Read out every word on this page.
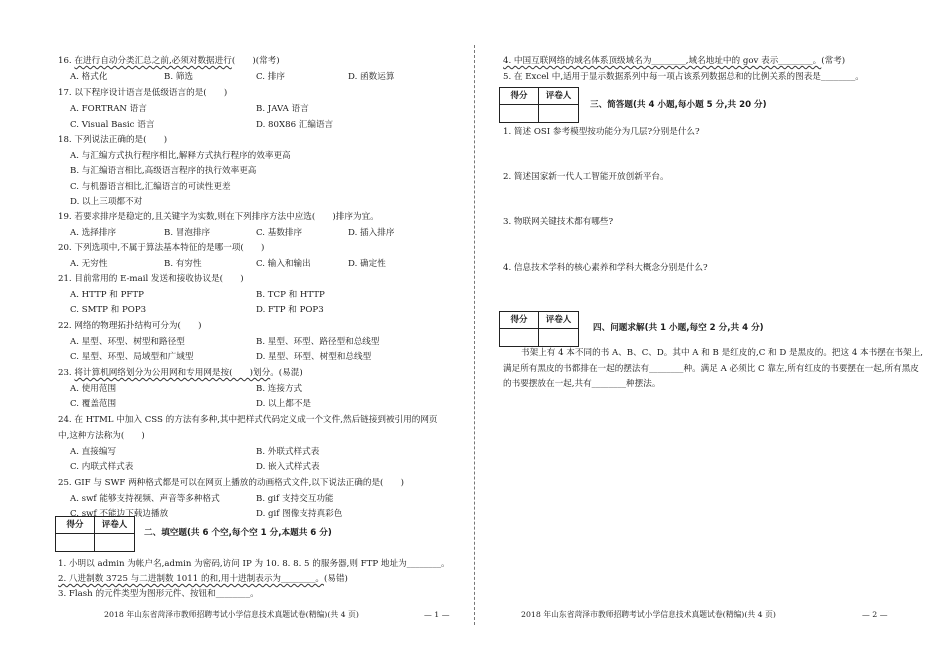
16. 在进行自动分类汇总之前,必须对数据进行(　　)(常考)
A. 格式化	B. 筛选	C. 排序	D. 函数运算
17. 以下程序设计语言是低级语言的是(　　)
A. FORTRAN 语言	B. JAVA 语言
C. Visual Basic 语言	D. 80X86 汇编语言
18. 下列说法正确的是(　　)
A. 与汇编方式执行程序相比,解释方式执行程序的效率更高
B. 与汇编语言相比,高级语言程序的执行效率更高
C. 与机器语言相比,汇编语言的可读性更差
D. 以上三项都不对
19. 若要求排序是稳定的,且关键字为实数,则在下列排序方法中应选(　　)排序为宜。
A. 选择排序	B. 冒泡排序	C. 基数排序	D. 插入排序
20. 下列选项中,不属于算法基本特征的是哪一项(　　)
A. 无穷性	B. 有穷性	C. 输入和输出	D. 确定性
21. 目前常用的 E-mail 发送和接收协议是(　　)
A. HTTP 和 PFTP	B. TCP 和 HTTP
C. SMTP 和 POP3	D. FTP 和 POP3
22. 网络的物理拓扑结构可分为(　　)
A. 星型、环型、树型和路径型	B. 星型、环型、路径型和总线型
C. 星型、环型、局域型和广域型	D. 星型、环型、树型和总线型
23. 将计算机网络划分为公用网和专用网是按(　　)划分。(易混)
A. 使用范围	B. 连接方式
C. 覆盖范围	D. 以上都不是
24. 在 HTML 中加入 CSS 的方法有多种,其中把样式代码定义成一个文件,然后链接到被引用的网页
中,这种方法称为(　　)
A. 直接编写	B. 外联式样式表
C. 内联式样式表	D. 嵌入式样式表
25. GIF 与 SWF 两种格式都是可以在网页上播放的动画格式文件,以下说法正确的是(　　)
A. swf 能够支持视频、声音等多种格式	B. gif 支持交互功能
C. swf 不能边下载边播放	D. gif 图像支持真彩色
得分	评卷人
二、填空题(共 6 个空,每个空 1 分,本题共 6 分)
1. 小明以 admin 为帐户名,admin 为密码,访问 IP 为 10. 8. 8. 5 的服务器,则 FTP 地址为________。
2. 八进制数 3725 与二进制数 1011 的和,用十进制表示为________。(易错)
3. Flash 的元件类型为图形元件、按钮和________。
2018 年山东省菏泽市教师招聘考试小学信息技术真题试卷(精编)(共 4 页)	— 1 —
4. 中国互联网络的域名体系顶级域名为________,域名地址中的 gov 表示________。(常考)
5. 在 Excel 中,适用于显示数据系列中每一项占该系列数据总和的比例关系的图表是________。
得分	评卷人
三、简答题(共 4 小题,每小题 5 分,共 20 分)
1. 简述 OSI 参考模型按功能分为几层?分别是什么?
2. 简述国家新一代人工智能开放创新平台。
3. 物联网关键技术都有哪些?
4. 信息技术学科的核心素养和学科大概念分别是什么?
得分	评卷人
四、问题求解(共 1 小题,每空 2 分,共 4 分)
书架上有 4 本不同的书 A、B、C、D。其中 A 和 B 是红皮的,C 和 D 是黑皮的。把这 4 本书摆在书架上,满足所有黑皮的书都排在一起的摆法有________种。满足 A 必须比 C 靠左,所有红皮的书要摆在一起,所有黑皮的书要摆放在一起,共有________种摆法。
2018 年山东省菏泽市教师招聘考试小学信息技术真题试卷(精编)(共 4 页)	— 2 —
